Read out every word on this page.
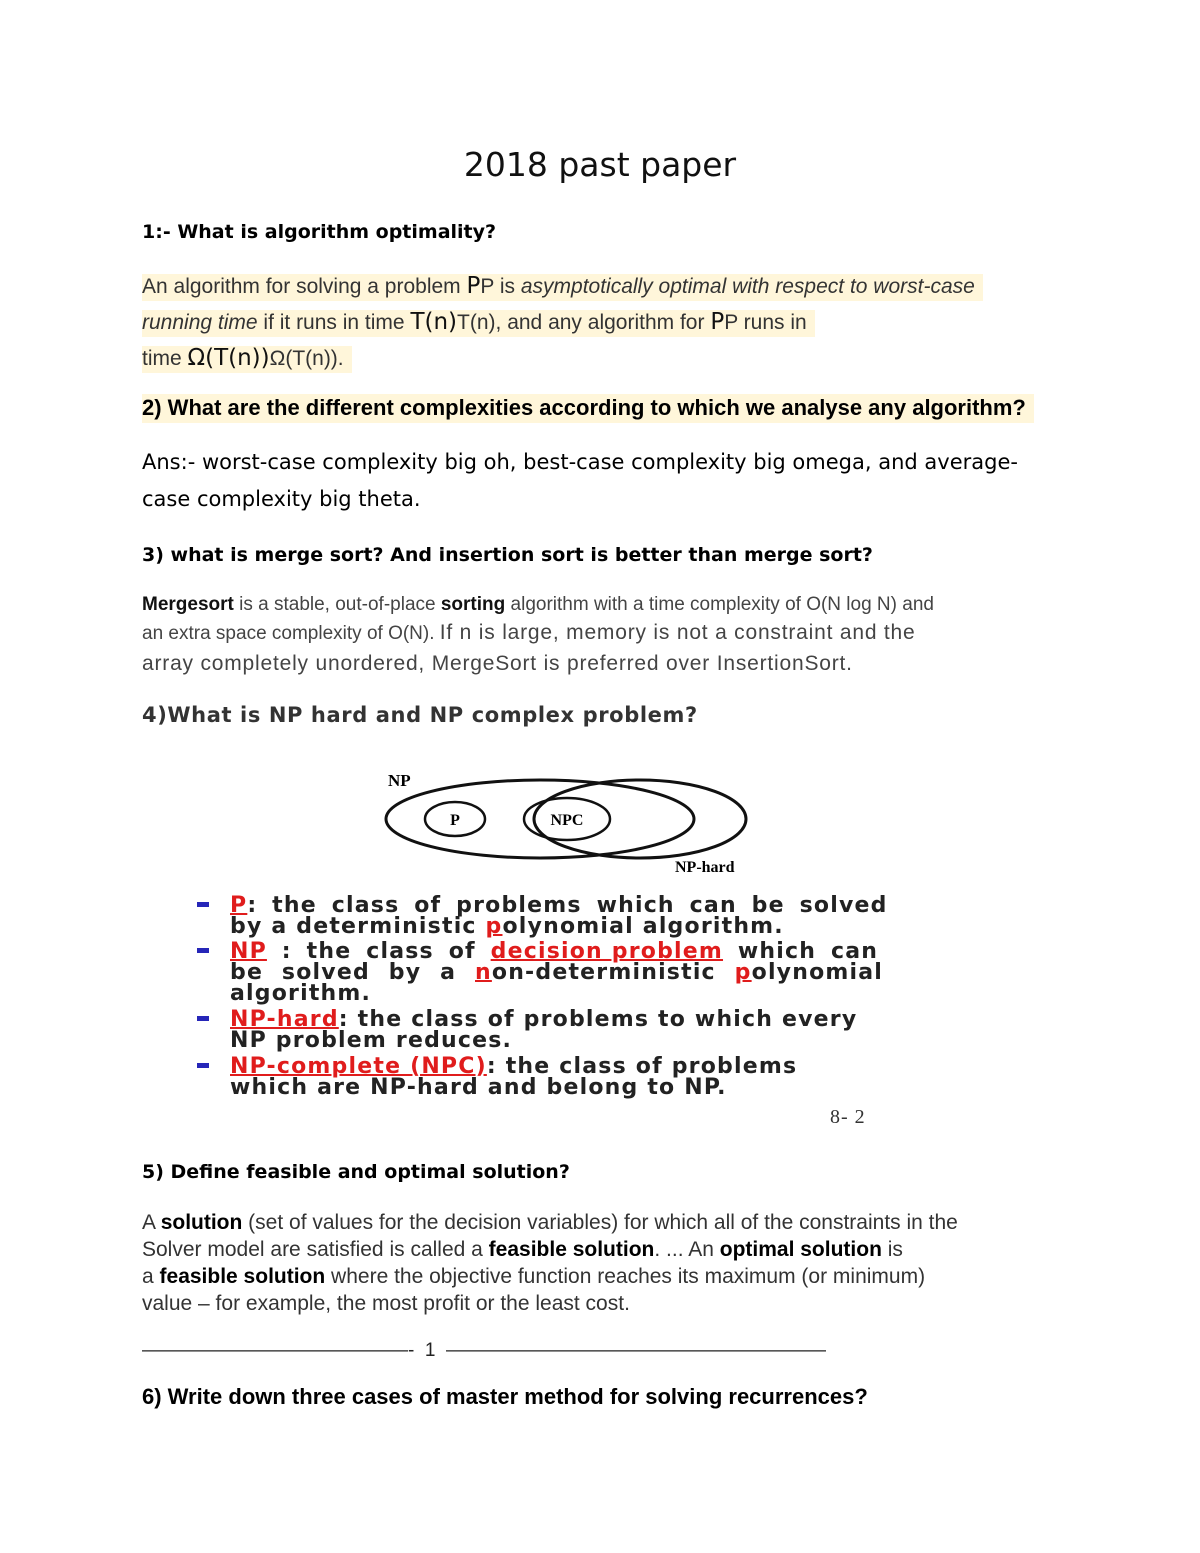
2018 past paper
1:- What is algorithm optimality?
An algorithm for solving a problem PP is asymptotically optimal with respect to worst-case
running time if it runs in time T(n)T(n), and any algorithm for PP runs in
time Ω(T(n))Ω(T(n)).
2) What are the different complexities according to which we analyse any algorithm?
Ans:- worst-case complexity big oh, best-case complexity big omega, and average-
case complexity big theta.
3) what is merge sort? And insertion sort is better than merge sort?
Mergesort is a stable, out-of-place sorting algorithm with a time complexity of O(N log N) and
an extra space complexity of O(N). If n is large, memory is not a constraint and the
array completely unordered, MergeSort is preferred over InsertionSort.
4)What is NP hard and NP complex problem?
NP
P	NPC
NP-hard
P: the class of problems which can be solved
by a deterministic polynomial algorithm.
NP : the class of decision problem which can
be solved by a non-deterministic polynomial
algorithm.
NP-hard: the class of problems to which every
NP problem reduces.
NP-complete (NPC): the class of problems
which are NP-hard and belong to NP.
8- 2
5) Define feasible and optimal solution?
A solution (set of values for the decision variables) for which all of the constraints in the
Solver model are satisfied is called a feasible solution. ... An optimal solution is
a feasible solution where the objective function reaches its maximum (or minimum)
value – for example, the most profit or the least cost.
——————————————-  1  ————————————————————
6) Write down three cases of master method for solving recurrences?
